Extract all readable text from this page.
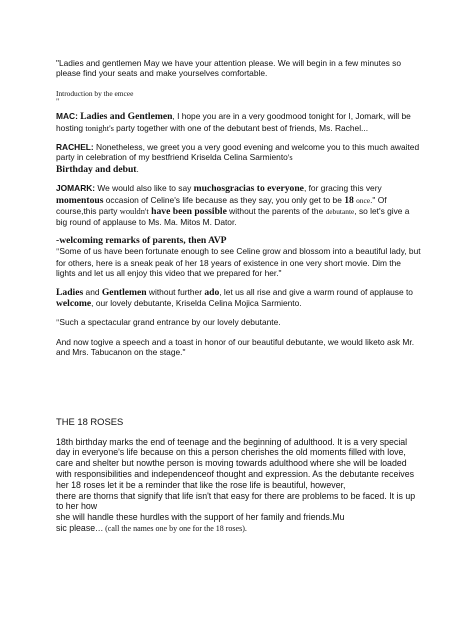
"Ladies and gentlemen May we have your attention please. We will begin in a few minutes so please find your seats and make yourselves comfortable.

Introduction by the emcee

"

MAC: Ladies and Gentlemen, I hope you are in a very goodmood tonight for I, Jomark, will be hosting tonight's party together with one of the debutant best of friends, Ms. Rachel...

RACHEL: Nonetheless, we greet you a very good evening and welcome you to this much awaited party in celebration of my bestfriend Kriselda Celina Sarmiento's
Birthday and debut.

JOMARK: We would also like to say muchosgracias to everyone, for gracing this very momentous occasion of Celine's life because as they say, you only get to be 18 once." Of course,this party wouldn't have been possible without the parents of the debutante, so let's give a big round of applause to Ms. Ma. Mitos M. Dator.

-welcoming remarks of parents, then AVP

"Some of us have been fortunate enough to see Celine grow and blossom into a beautiful lady, but for others, here is a sneak peak of her 18 years of existence in one very short movie. Dim the lights and let us all enjoy this video that we prepared for her."

Ladies and Gentlemen without further ado, let us all rise and give a warm round of applause to welcome, our lovely debutante, Kriselda Celina Mojica Sarmiento.

"Such a spectacular grand entrance by our lovely debutante.

And now togive a speech and a toast in honor of our beautiful debutante, we would liketo ask Mr. and Mrs. Tabucanon on the stage."

THE 18 ROSES

18th birthday marks the end of teenage and the beginning of adulthood. It is a very special day in everyone's life because on this a person cherishes the old moments filled with love, care and shelter but nowthe person is moving towards adulthood where she will be loaded with responsibilities and independenceof thought and expression. As the debutante receives her 18 roses let it be a reminder that like the rose life is beautiful, however,

there are thorns that signify that life isn't that easy for there are problems to be faced. It is up to her how

she will handle these hurdles with the support of her family and friends.Mu

sic please… (call the names one by one for the 18 roses).
